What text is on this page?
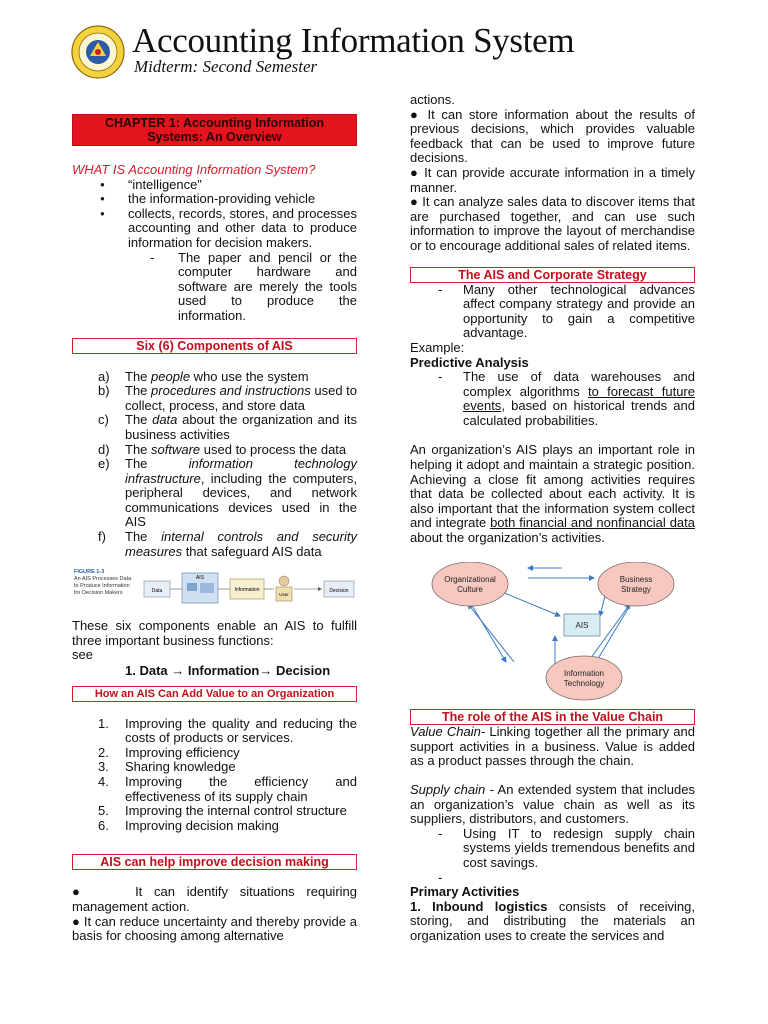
Accounting Information System
Midterm: Second Semester
CHAPTER 1: Accounting Information Systems: An Overview
WHAT IS Accounting Information System?
● “intelligence”
● the information-providing vehicle
● collects, records, stores, and processes accounting and other data to produce information for decision makers.
- The paper and pencil or the computer hardware and software are merely the tools used to produce the information.
Six (6) Components of AIS
a) The people who use the system
b) The procedures and instructions used to collect, process, and store data
c) The data about the organization and its business activities
d) The software used to process the data
e) The information technology infrastructure, including the computers, peripheral devices, and network communications devices used in the AIS
f) The internal controls and security measures that safeguard AIS data
FIGURE 1-3
An AIS Processes Data to Produce Information for Decision Makers	Data
AIS
Information
User
Decision
These six components enable an AIS to fulfill three important business functions:
see
1. Data → Information→ Decision
How an AIS Can Add Value to an Organization
1. Improving the quality and reducing the costs of products or services.
2. Improving efficiency
3. Sharing knowledge
4. Improving the efficiency and effectiveness of its supply chain
5. Improving the internal control structure
6. Improving decision making
AIS can help improve decision making
●    It can identify situations requiring management action.
● It can reduce uncertainty and thereby provide a basis for choosing among alternative
actions.
● It can store information about the results of previous decisions, which provides valuable feedback that can be used to improve future decisions.
● It can provide accurate information in a timely manner.
● It can analyze sales data to discover items that are purchased together, and can use such information to improve the layout of merchandise or to encourage additional sales of related items.
The AIS and Corporate Strategy
- Many other technological advances affect company strategy and provide an opportunity to gain a competitive advantage.
Example:
Predictive Analysis
- The use of data warehouses and complex algorithms to forecast future events, based on historical trends and calculated probabilities.
An organization’s AIS plays an important role in helping it adopt and maintain a strategic position. Achieving a close fit among activities requires that data be collected about each activity. It is also important that the information system collect and integrate both financial and nonfinancial data about the organization’s activities.
Organizational
Culture
Business
Strategy
AIS
Information
Technology
The role of the AIS in the Value Chain
Value Chain- Linking together all the primary and support activities in a business. Value is added as a product passes through the chain.
Supply chain - An extended system that includes an organization’s value chain as well as its suppliers, distributors, and customers.
- Using IT to redesign supply chain systems yields tremendous benefits and cost savings.
-
Primary Activities
1. Inbound logistics consists of receiving, storing, and distributing the materials an organization uses to create the services and
